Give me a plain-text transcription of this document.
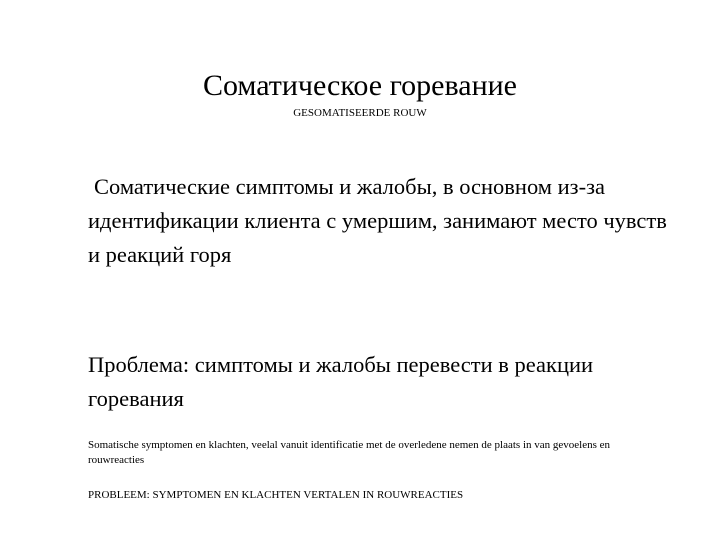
Соматическое горевание
GESOMATISEERDE ROUW
Соматические симптомы и жалобы, в основном из-за идентификации клиента с умершим, занимают место чувств и реакций горя
Проблема: симптомы и жалобы перевести в реакции горевания
Somatische symptomen en klachten, veelal vanuit identificatie met de overledene nemen de plaats in van gevoelens en rouwreacties
PROBLEEM: SYMPTOMEN EN KLACHTEN VERTALEN IN ROUWREACTIES
